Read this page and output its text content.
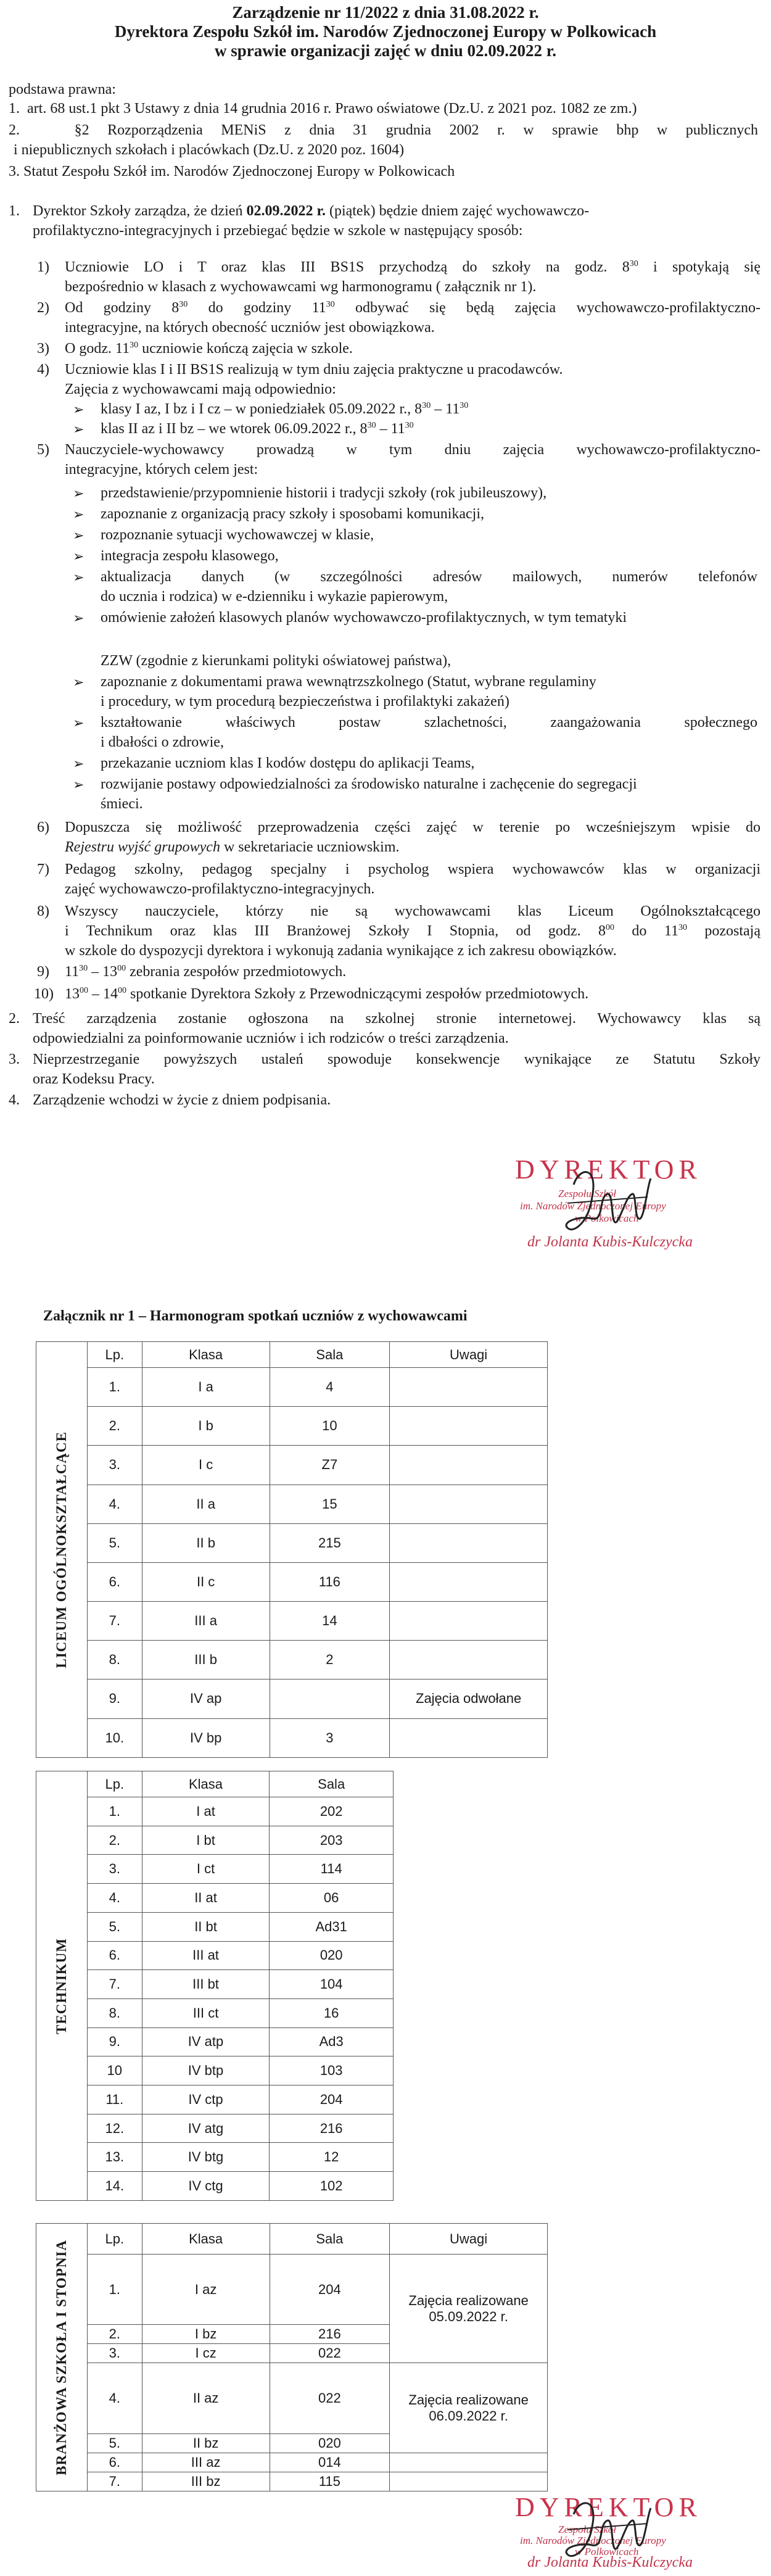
Zarządzenie nr 11/2022 z dnia 31.08.2022 r.
Dyrektora Zespołu Szkół im. Narodów Zjednoczonej Europy w Polkowicach
w sprawie organizacji zajęć w dniu 02.09.2022 r.
podstawa prawna:
1. art. 68 ust.1 pkt 3 Ustawy z dnia 14 grudnia 2016 r. Prawo oświatowe (Dz.U. z 2021 poz. 1082 ze zm.)
2.	§2 Rozporządzenia MENiS z dnia 31 grudnia 2002 r. w sprawie bhp w publicznych
i niepublicznych szkołach i placówkach (Dz.U. z 2020 poz. 1604)
3. Statut Zespołu Szkół im. Narodów Zjednoczonej Europy w Polkowicach
1. Dyrektor Szkoły zarządza, że dzień 02.09.2022 r. (piątek) będzie dniem zajęć wychowawczo-
profilaktyczno-integracyjnych i przebiegać będzie w szkole w następujący sposób:
1) Uczniowie LO i T oraz klas III BS1S przychodzą do szkoły na godz. $8^{30}$ i spotykają się
bezpośrednio w klasach z wychowawcami wg harmonogramu ( załącznik nr 1).
2) Od godziny $8^{30}$ do godziny $11^{30}$ odbywać się będą zajęcia wychowawczo-profilaktyczno-
integracyjne, na których obecność uczniów jest obowiązkowa.
3) O godz. $11^{30}$ uczniowie kończą zajęcia w szkole.
4) Uczniowie klas I i II BS1S realizują w tym dniu zajęcia praktyczne u pracodawców.
Zajęcia z wychowawcami mają odpowiednio:
➢ klasy I az, I bz i I cz – w poniedziałek 05.09.2022 r., $8^{30} - 11^{30}$
➢ klas II az i II bz – we wtorek 06.09.2022 r., $8^{30} - 11^{30}$
5) Nauczyciele-wychowawcy prowadzą w tym dniu zajęcia wychowawczo-profilaktyczno-
integracyjne, których celem jest:
➢ przedstawienie/przypomnienie historii i tradycji szkoły (rok jubileuszowy),
➢ zapoznanie z organizacją pracy szkoły i sposobami komunikacji,
➢ rozpoznanie sytuacji wychowawczej w klasie,
➢ integracja zespołu klasowego,
➢ aktualizacja danych (w szczególności adresów mailowych, numerów telefonów
do ucznia i rodzica) w e-dzienniku i wykazie papierowym,
➢ omówienie założeń klasowych planów wychowawczo-profilaktycznych, w tym tematyki
ZZW (zgodnie z kierunkami polityki oświatowej państwa),
➢ zapoznanie z dokumentami prawa wewnątrzszkolnego (Statut, wybrane regulaminy
i procedury, w tym procedurą bezpieczeństwa i profilaktyki zakażeń)
➢ kształtowanie właściwych postaw szlachetności, zaangażowania społecznego
i dbałości o zdrowie,
➢ przekazanie uczniom klas I kodów dostępu do aplikacji Teams,
➢ rozwijanie postawy odpowiedzialności za środowisko naturalne i zachęcenie do segregacji
śmieci.
6) Dopuszcza się możliwość przeprowadzenia części zajęć w terenie po wcześniejszym wpisie do
Rejestru wyjść grupowych w sekretariacie uczniowskim.
7) Pedagog szkolny, pedagog specjalny i psycholog wspiera wychowawców klas w organizacji
zajęć wychowawczo-profilaktyczno-integracyjnych.
8) Wszyscy nauczyciele, którzy nie są wychowawcami klas Liceum Ogólnokształcącego
i Technikum oraz klas III Branżowej Szkoły I Stopnia, od godz. $8^{00}$ do $11^{30}$ pozostają
w szkole do dyspozycji dyrektora i wykonują zadania wynikające z ich zakresu obowiązków.
9) $11^{30} - 13^{00}$ zebrania zespołów przedmiotowych.
10) $13^{00} - 14^{00}$ spotkanie Dyrektora Szkoły z Przewodniczącymi zespołów przedmiotowych.
2. Treść zarządzenia zostanie ogłoszona na szkolnej stronie internetowej. Wychowawcy klas są
odpowiedzialni za poinformowanie uczniów i ich rodziców o treści zarządzenia.
3. Nieprzestrzeganie powyższych ustaleń spowoduje konsekwencje wynikające ze Statutu Szkoły
oraz Kodeksu Pracy.
4. Zarządzenie wchodzi w życie z dniem podpisania.
DYREKTOR
Zespołu Szkół
im. Narodów Zjednoczonej Europy
w Polkowicach
dr Jolanta Kubis-Kulczycka
Załącznik nr 1 – Harmonogram spotkań uczniów z wychowawcami
LICEUM OGÓLNOKSZTAŁCĄCE	Lp.	Klasa	Sala	Uwagi
	1.	I a	4	
	2.	I b	10	
	3.	I c	Z7	
	4.	II a	15	
	5.	II b	215	
	6.	II c	116	
	7.	III a	14	
	8.	III b	2	
	9.	IV ap		Zajęcia odwołane
	10.	IV bp	3	
TECHNIKUM	Lp.	Klasa	Sala
	1.	I at	202
	2.	I bt	203
	3.	I ct	114
	4.	II at	06
	5.	II bt	Ad31
	6.	III at	020
	7.	III bt	104
	8.	III ct	16
	9.	IV atp	Ad3
	10	IV btp	103
	11.	IV ctp	204
	12.	IV atg	216
	13.	IV btg	12
	14.	IV ctg	102
BRANŻOWA SZKOŁA I STOPNIA	Lp.	Klasa	Sala	Uwagi
	1.	I az	204	Zajęcia realizowane
05.09.2022 r.

	2.	I bz	216	
	3.	I cz	022	
	4.	II az	022	Zajęcia realizowane
06.09.2022 r.

	5.	II bz	020	
	6.	III az	014	
	7.	III bz	115	
DYREKTOR
Zespołu Szkół
im. Narodów Zjednoczonej Europy
w Polkowicach
dr Jolanta Kubis-Kulczycka
